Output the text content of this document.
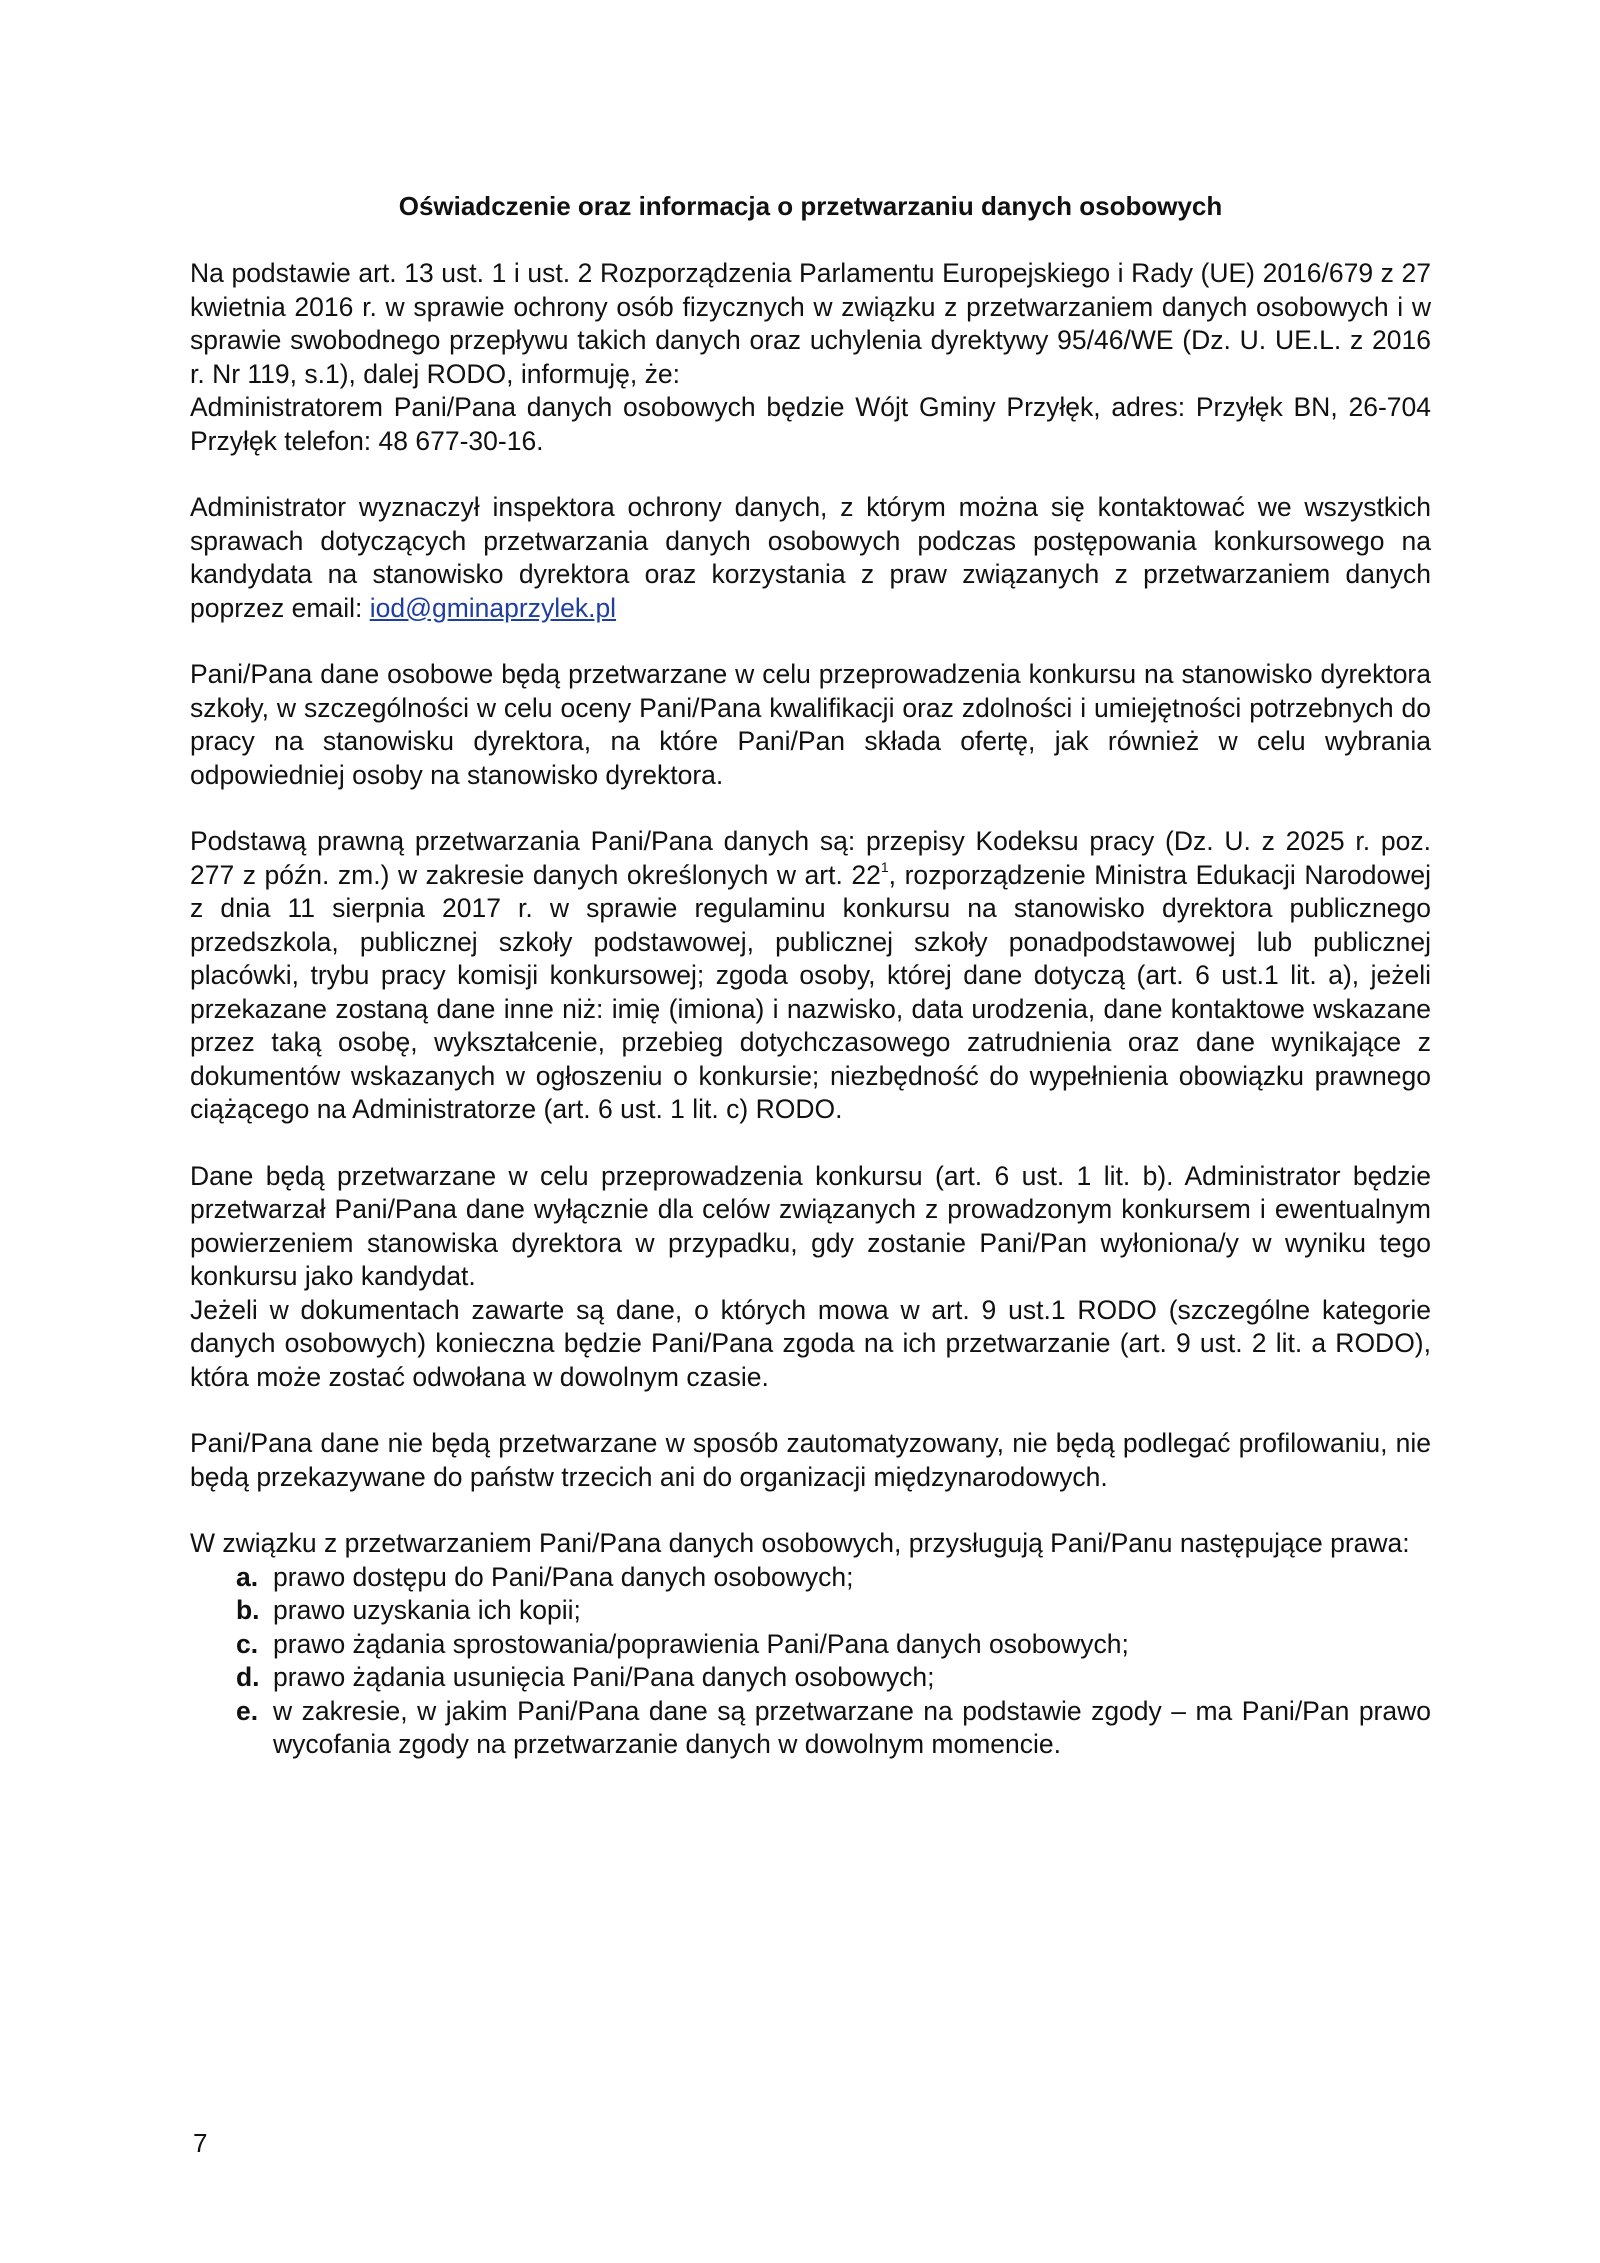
Oświadczenie oraz informacja o przetwarzaniu danych osobowych

Na podstawie art. 13 ust. 1 i ust. 2 Rozporządzenia Parlamentu Europejskiego i Rady (UE) 2016/679 z 27 kwietnia 2016 r. w sprawie ochrony osób fizycznych w związku z przetwarzaniem danych osobowych i w sprawie swobodnego przepływu takich danych oraz uchylenia dyrektywy 95/46/WE (Dz. U. UE.L. z 2016 r. Nr 119, s.1), dalej RODO, informuję, że:

Administratorem Pani/Pana danych osobowych będzie Wójt Gminy Przyłęk, adres: Przyłęk BN, 26-704 Przyłęk telefon: 48 677-30-16.

Administrator wyznaczył inspektora ochrony danych, z którym można się kontaktować we wszystkich sprawach dotyczących przetwarzania danych osobowych podczas postępowania konkursowego na kandydata na stanowisko dyrektora oraz korzystania z praw związanych z przetwarzaniem danych poprzez email: iod@gminaprzylek.pl

Pani/Pana dane osobowe będą przetwarzane w celu przeprowadzenia konkursu na stanowisko dyrektora szkoły, w szczególności w celu oceny Pani/Pana kwalifikacji oraz zdolności i umiejętności potrzebnych do pracy na stanowisku dyrektora, na które Pani/Pan składa ofertę, jak również w celu wybrania odpowiedniej osoby na stanowisko dyrektora.

Podstawą prawną przetwarzania Pani/Pana danych są: przepisy Kodeksu pracy (Dz. U. z 2025 r. poz. 277 z późn. zm.) w zakresie danych określonych w art. $22^1$, rozporządzenie Ministra Edukacji Narodowej z dnia 11 sierpnia 2017 r. w sprawie regulaminu konkursu na stanowisko dyrektora publicznego przedszkola, publicznej szkoły podstawowej, publicznej szkoły ponadpodstawowej lub publicznej placówki, trybu pracy komisji konkursowej; zgoda osoby, której dane dotyczą (art. 6 ust.1 lit. a), jeżeli przekazane zostaną dane inne niż: imię (imiona) i nazwisko, data urodzenia, dane kontaktowe wskazane przez taką osobę, wykształcenie, przebieg dotychczasowego zatrudnienia oraz dane wynikające z dokumentów wskazanych w ogłoszeniu o konkursie; niezbędność do wypełnienia obowiązku prawnego ciążącego na Administratorze (art. 6 ust. 1 lit. c) RODO.

Dane będą przetwarzane w celu przeprowadzenia konkursu (art. 6 ust. 1 lit. b). Administrator będzie przetwarzał Pani/Pana dane wyłącznie dla celów związanych z prowadzonym konkursem i ewentualnym powierzeniem stanowiska dyrektora w przypadku, gdy zostanie Pani/Pan wyłoniona/y w wyniku tego konkursu jako kandydat.

Jeżeli w dokumentach zawarte są dane, o których mowa w art. 9 ust.1 RODO (szczególne kategorie danych osobowych) konieczna będzie Pani/Pana zgoda na ich przetwarzanie (art. 9 ust. 2 lit. a RODO), która może zostać odwołana w dowolnym czasie.

Pani/Pana dane nie będą przetwarzane w sposób zautomatyzowany, nie będą podlegać profilowaniu, nie będą przekazywane do państw trzecich ani do organizacji międzynarodowych.

W związku z przetwarzaniem Pani/Pana danych osobowych, przysługują Pani/Panu następujące prawa:

a. prawo dostępu do Pani/Pana danych osobowych;
b. prawo uzyskania ich kopii;
c. prawo żądania sprostowania/poprawienia Pani/Pana danych osobowych;
d. prawo żądania usunięcia Pani/Pana danych osobowych;
e. w zakresie, w jakim Pani/Pana dane są przetwarzane na podstawie zgody – ma Pani/Pan prawo wycofania zgody na przetwarzanie danych w dowolnym momencie.
7
